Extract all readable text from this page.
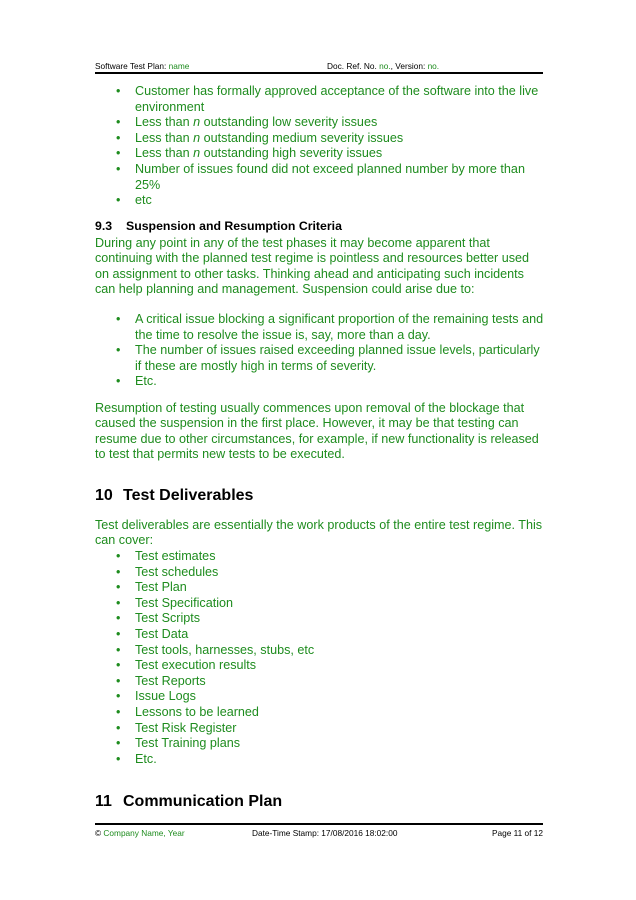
Software Test Plan: name	Doc. Ref. No. no., Version: no.
• Customer has formally approved acceptance of the software into the live environment
• Less than n outstanding low severity issues
• Less than n outstanding medium severity issues
• Less than n outstanding high severity issues
• Number of issues found did not exceed planned number by more than 25%
• etc
9.3 Suspension and Resumption Criteria

During any point in any of the test phases it may become apparent that continuing with the planned test regime is pointless and resources better used on assignment to other tasks. Thinking ahead and anticipating such incidents can help planning and management. Suspension could arise due to:

• A critical issue blocking a significant proportion of the remaining tests and the time to resolve the issue is, say, more than a day.
• The number of issues raised exceeding planned issue levels, particularly if these are mostly high in terms of severity.
• Etc.

Resumption of testing usually commences upon removal of the blockage that caused the suspension in the first place. However, it may be that testing can resume due to other circumstances, for example, if new functionality is released to test that permits new tests to be executed.

10 Test Deliverables

Test deliverables are essentially the work products of the entire test regime. This can cover:

• Test estimates
• Test schedules
• Test Plan
• Test Specification
• Test Scripts
• Test Data
• Test tools, harnesses, stubs, etc
• Test execution results
• Test Reports
• Issue Logs
• Lessons to be learned
• Test Risk Register
• Test Training plans
• Etc.
11 Communication Plan
© Company Name, Year	Date-Time Stamp: 17/08/2016 18:02:00	Page 11 of 12
